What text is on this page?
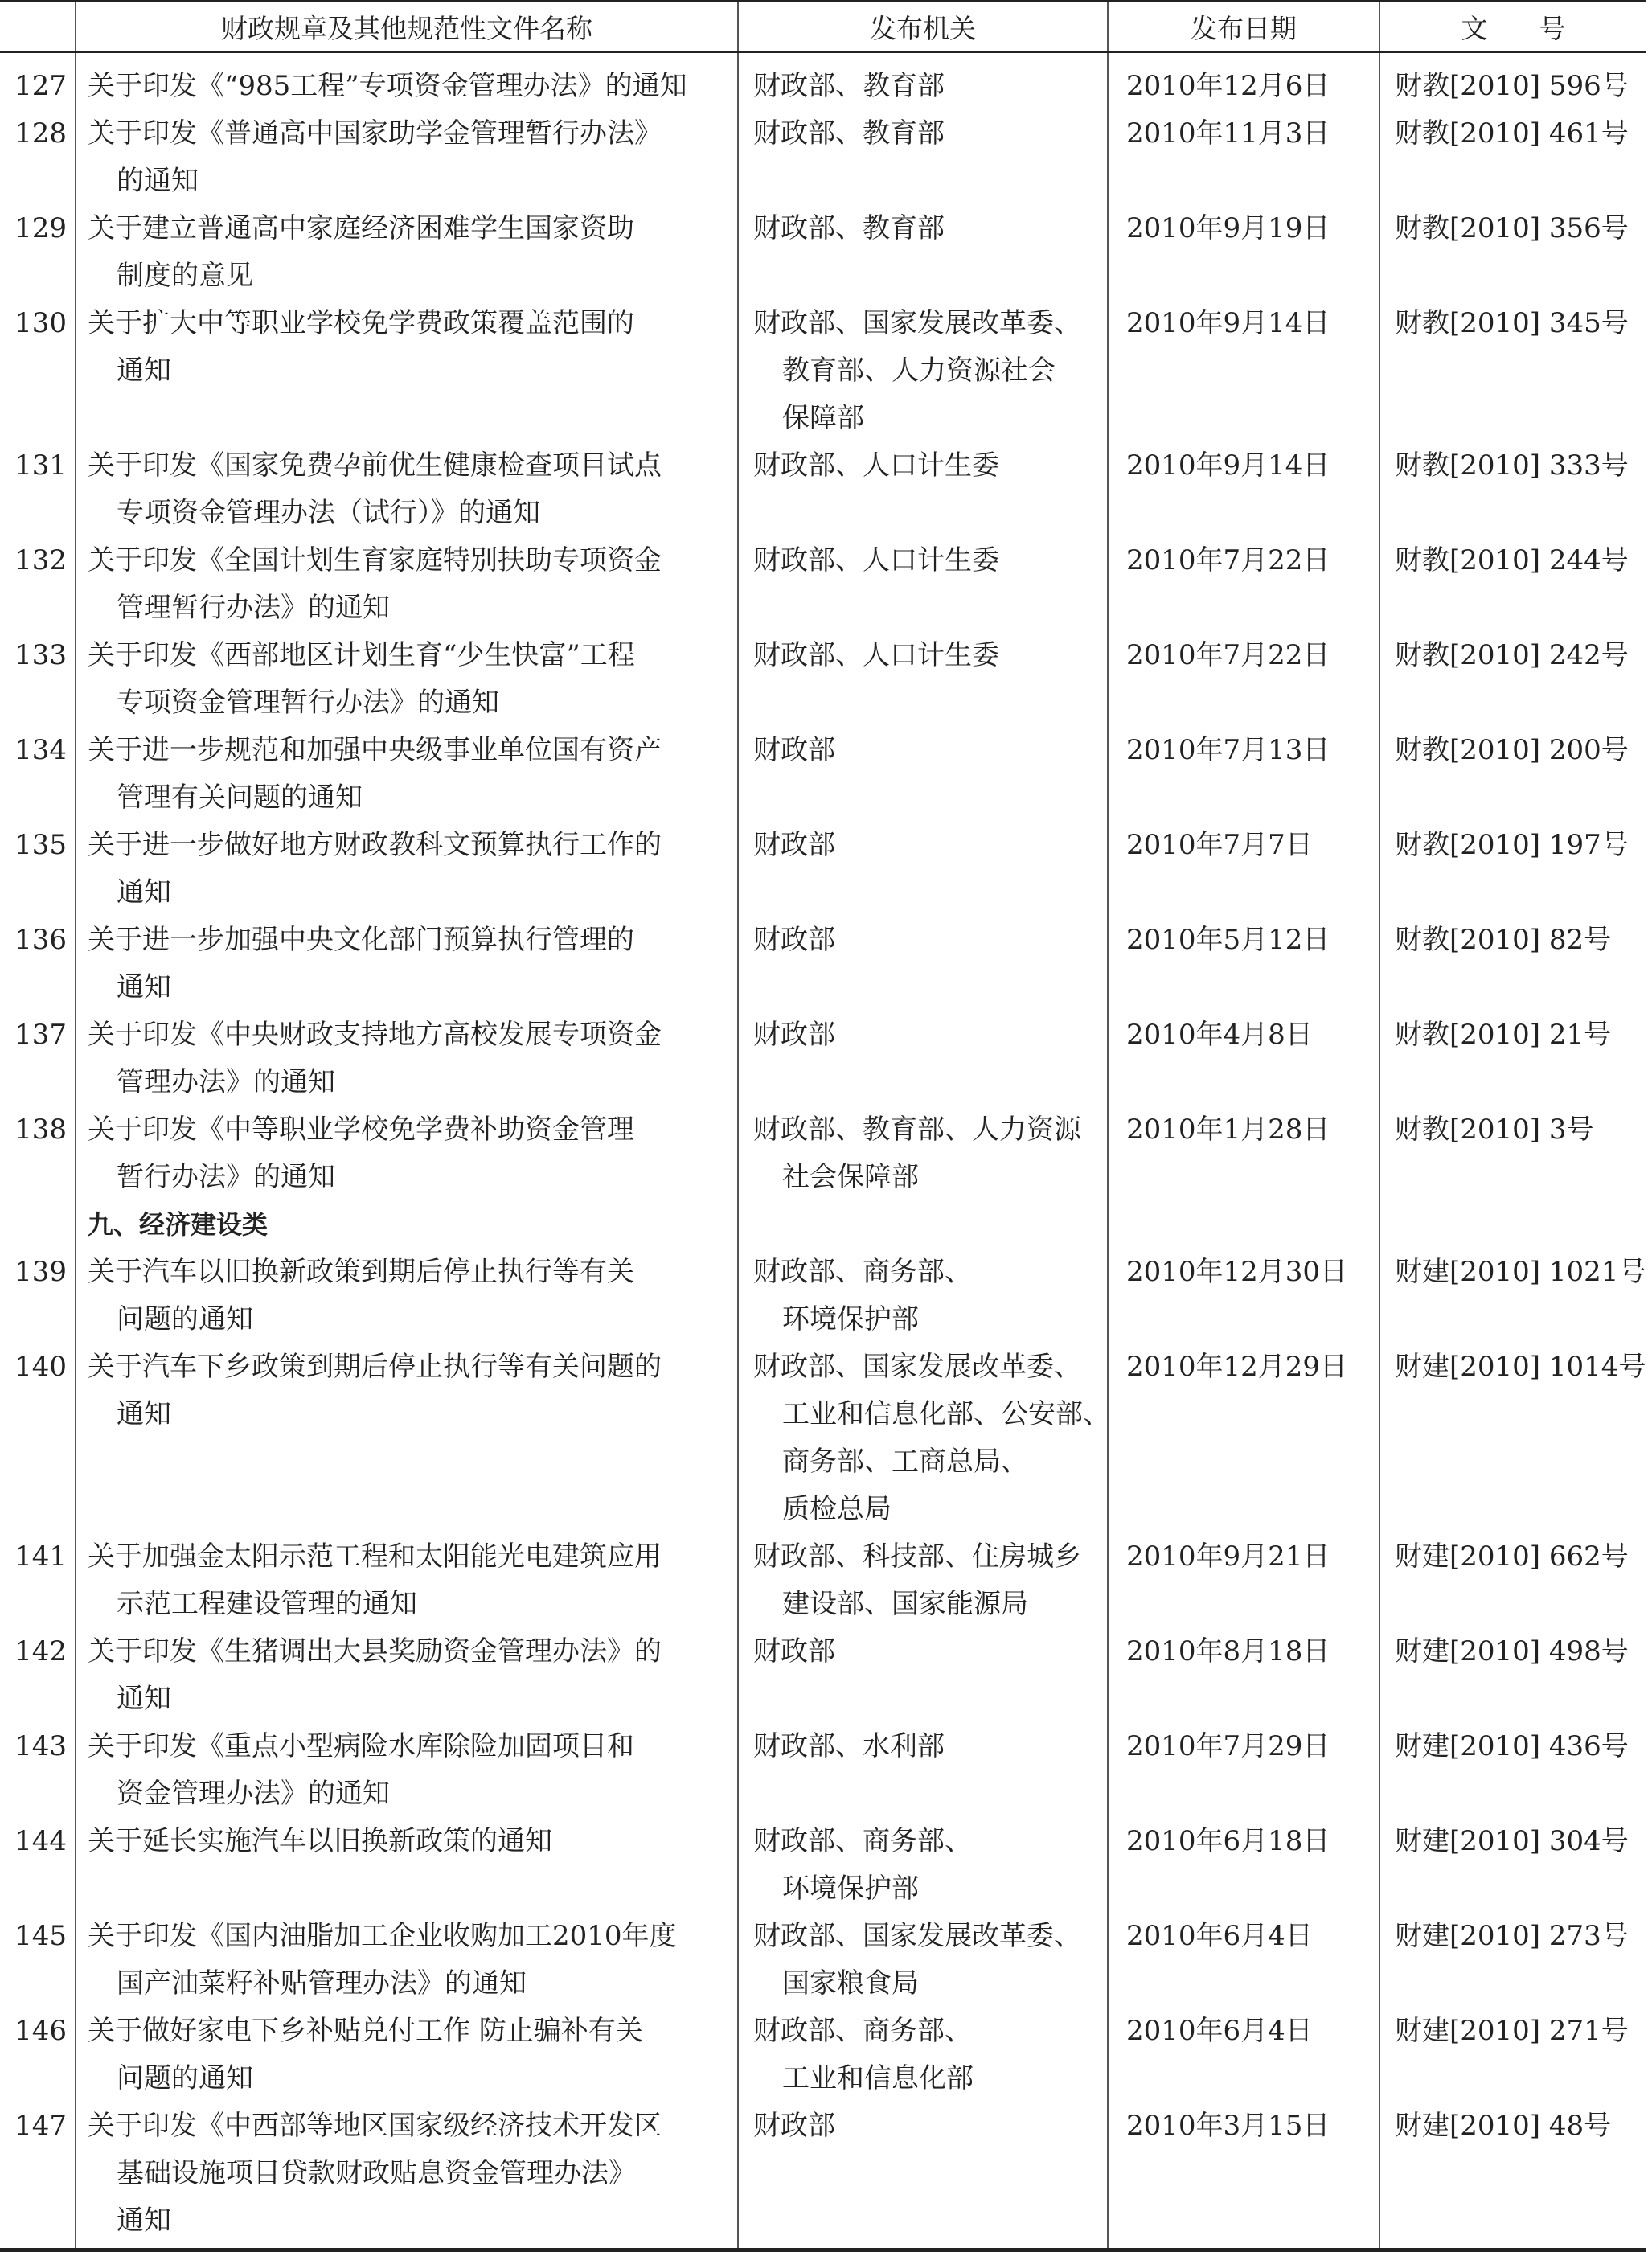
	财政规章及其他规范性文件名称	发布机关	发布日期	文号
127	关于印发《“985工程”专项资金管理办法》的通知	财政部、教育部	2010年12月6日	财教[2010] 596号
128	关于印发《普通高中国家助学金管理暂行办法》
的通知	财政部、教育部	2010年11月3日	财教[2010] 461号
129	关于建立普通高中家庭经济困难学生国家资助
制度的意见	财政部、教育部	2010年9月19日	财教[2010] 356号
130	关于扩大中等职业学校免学费政策覆盖范围的
通知	财政部、国家发展改革委、
教育部、人力资源社会
保障部	2010年9月14日	财教[2010] 345号
131	关于印发《国家免费孕前优生健康检查项目试点
专项资金管理办法（试行）》的通知	财政部、人口计生委	2010年9月14日	财教[2010] 333号
132	关于印发《全国计划生育家庭特别扶助专项资金
管理暂行办法》的通知	财政部、人口计生委	2010年7月22日	财教[2010] 244号
133	关于印发《西部地区计划生育“少生快富”工程
专项资金管理暂行办法》的通知	财政部、人口计生委	2010年7月22日	财教[2010] 242号
134	关于进一步规范和加强中央级事业单位国有资产
管理有关问题的通知	财政部	2010年7月13日	财教[2010] 200号
135	关于进一步做好地方财政教科文预算执行工作的
通知	财政部	2010年7月7日	财教[2010] 197号
136	关于进一步加强中央文化部门预算执行管理的
通知	财政部	2010年5月12日	财教[2010] 82号
137	关于印发《中央财政支持地方高校发展专项资金
管理办法》的通知	财政部	2010年4月8日	财教[2010] 21号
138	关于印发《中等职业学校免学费补助资金管理
暂行办法》的通知	财政部、教育部、人力资源
社会保障部	2010年1月28日	财教[2010] 3号
	九、经济建设类			
139	关于汽车以旧换新政策到期后停止执行等有关
问题的通知	财政部、商务部、
环境保护部	2010年12月30日	财建[2010] 1021号
140	关于汽车下乡政策到期后停止执行等有关问题的
通知	财政部、国家发展改革委、
工业和信息化部、公安部、
商务部、工商总局、
质检总局	2010年12月29日	财建[2010] 1014号
141	关于加强金太阳示范工程和太阳能光电建筑应用
示范工程建设管理的通知	财政部、科技部、住房城乡
建设部、国家能源局	2010年9月21日	财建[2010] 662号
142	关于印发《生猪调出大县奖励资金管理办法》的
通知	财政部	2010年8月18日	财建[2010] 498号
143	关于印发《重点小型病险水库除险加固项目和
资金管理办法》的通知	财政部、水利部	2010年7月29日	财建[2010] 436号
144	关于延长实施汽车以旧换新政策的通知	财政部、商务部、
环境保护部	2010年6月18日	财建[2010] 304号
145	关于印发《国内油脂加工企业收购加工2010年度
国产油菜籽补贴管理办法》的通知	财政部、国家发展改革委、
国家粮食局	2010年6月4日	财建[2010] 273号
146	关于做好家电下乡补贴兑付工作 防止骗补有关
问题的通知	财政部、商务部、
工业和信息化部	2010年6月4日	财建[2010] 271号
147	关于印发《中西部等地区国家级经济技术开发区
基础设施项目贷款财政贴息资金管理办法》
通知	财政部	2010年3月15日	财建[2010] 48号
